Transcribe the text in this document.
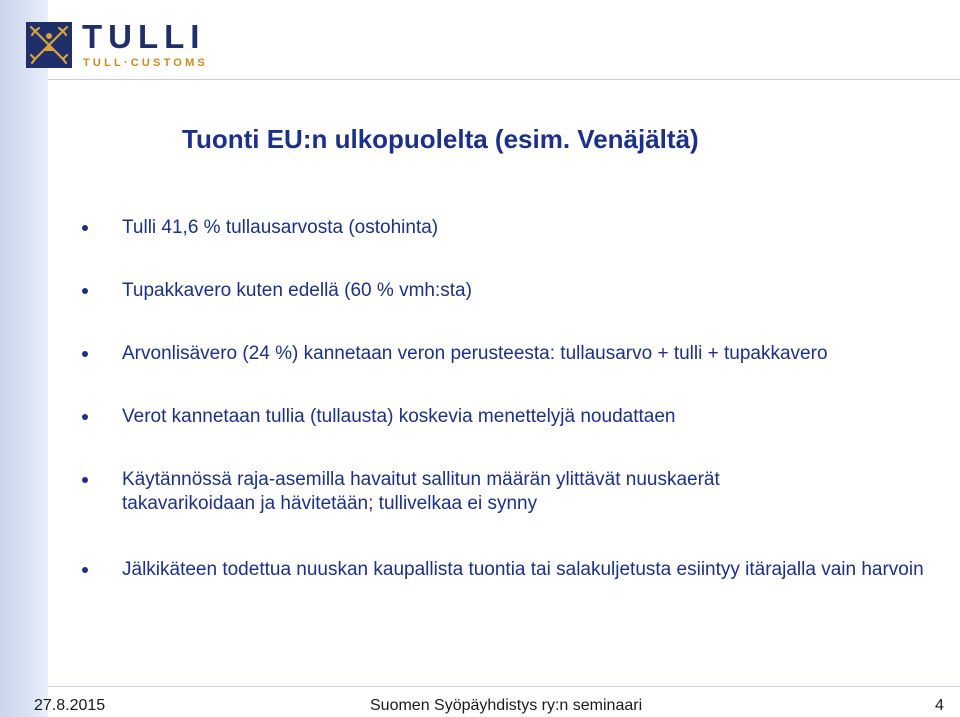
TULLI
TULL·CUSTOMS
Tuonti EU:n ulkopuolelta (esim. Venäjältä)
Tulli 41,6 % tullausarvosta (ostohinta)
Tupakkavero kuten edellä (60 % vmh:sta)
Arvonlisävero (24 %) kannetaan veron perusteesta: tullausarvo + tulli + tupakkavero
Verot kannetaan tullia (tullausta) koskevia menettelyjä noudattaen
Käytännössä raja-asemilla havaitut sallitun määrän ylittävät nuuskaerät takavarikoidaan ja hävitetään; tullivelkaa ei synny
Jälkikäteen todettua nuuskan kaupallista tuontia tai salakuljetusta esiintyy itärajalla vain harvoin
27.8.2015	Suomen Syöpäyhdistys ry:n seminaari	4
